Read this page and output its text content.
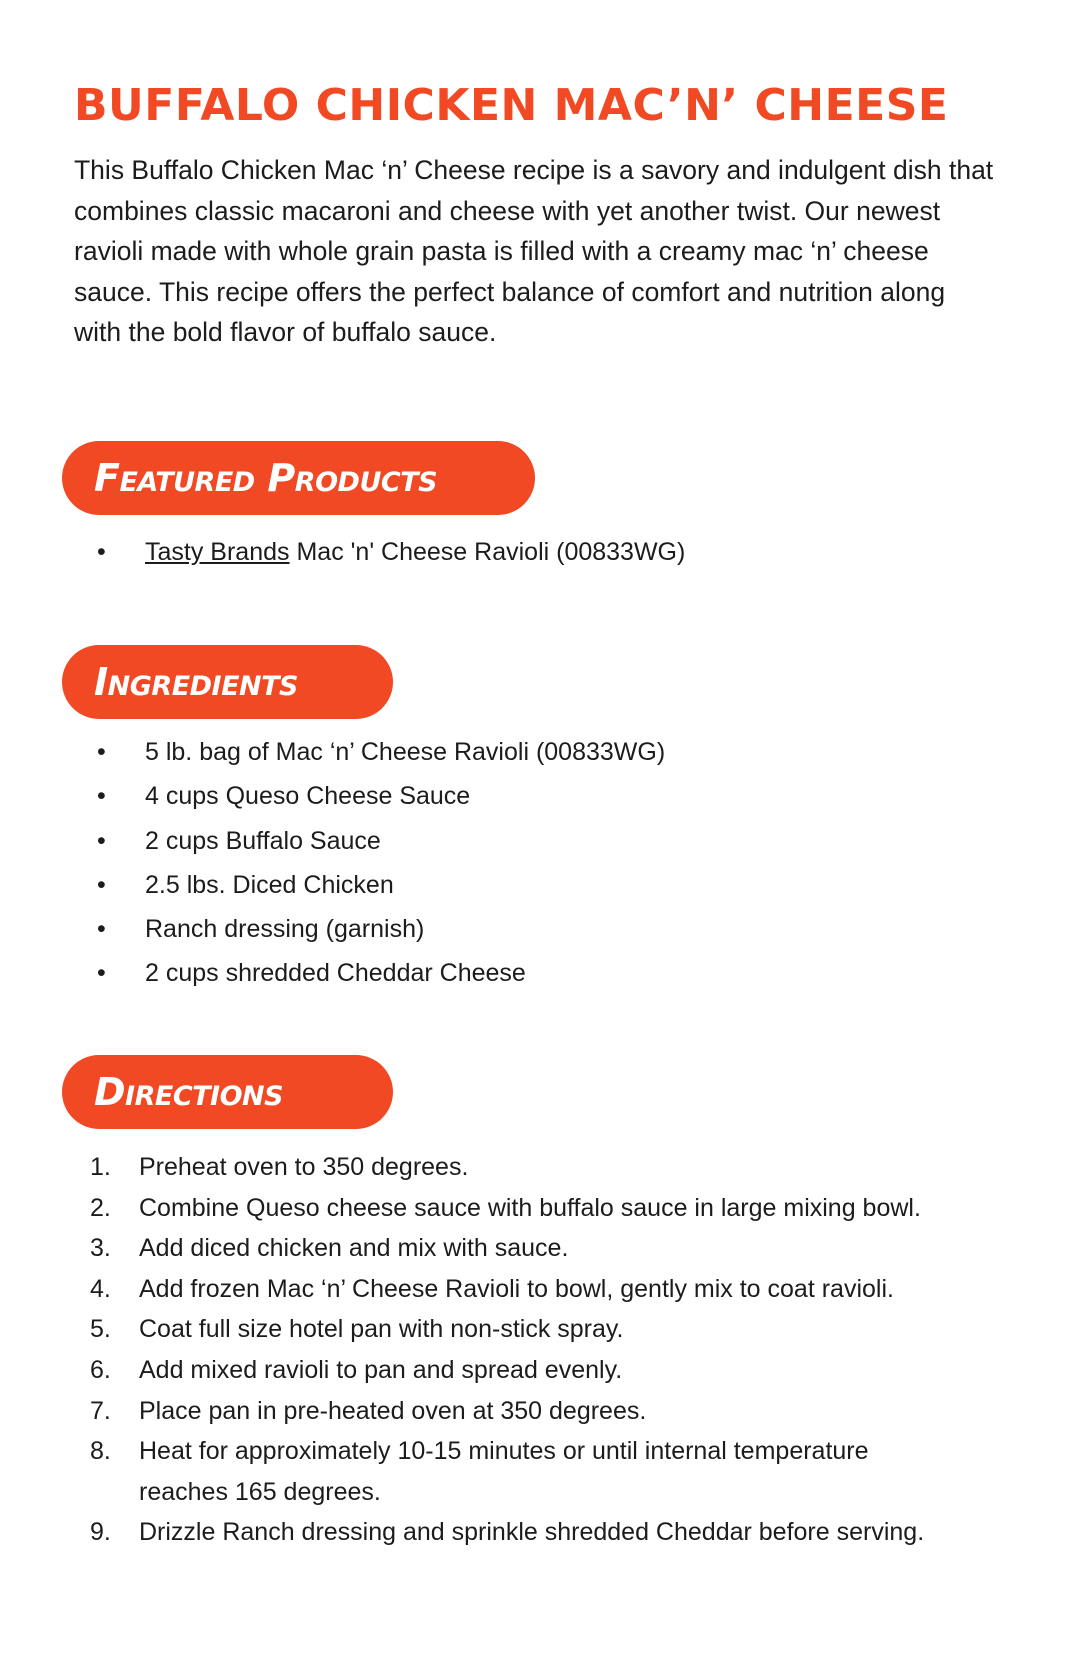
BUFFALO CHICKEN MAC’N’ CHEESE

This Buffalo Chicken Mac ‘n’ Cheese recipe is a savory and indulgent dish that combines classic macaroni and cheese with yet another twist. Our newest ravioli made with whole grain pasta is filled with a creamy mac ‘n’ cheese sauce. This recipe offers the perfect balance of comfort and nutrition along with the bold flavor of buffalo sauce.

Featured Products
• Tasty Brands Mac 'n' Cheese Ravioli (00833WG)
Ingredients
• 5 lb. bag of Mac ‘n’ Cheese Ravioli (00833WG)
• 4 cups Queso Cheese Sauce
• 2 cups Buffalo Sauce
• 2.5 lbs. Diced Chicken
• Ranch dressing (garnish)
• 2 cups shredded Cheddar Cheese
Directions
1. Preheat oven to 350 degrees.
2. Combine Queso cheese sauce with buffalo sauce in large mixing bowl.
3. Add diced chicken and mix with sauce.
4. Add frozen Mac ‘n’ Cheese Ravioli to bowl, gently mix to coat ravioli.
5. Coat full size hotel pan with non-stick spray.
6. Add mixed ravioli to pan and spread evenly.
7. Place pan in pre-heated oven at 350 degrees.
8. Heat for approximately 10-15 minutes or until internal temperature reaches 165 degrees.
9. Drizzle Ranch dressing and sprinkle shredded Cheddar before serving.
